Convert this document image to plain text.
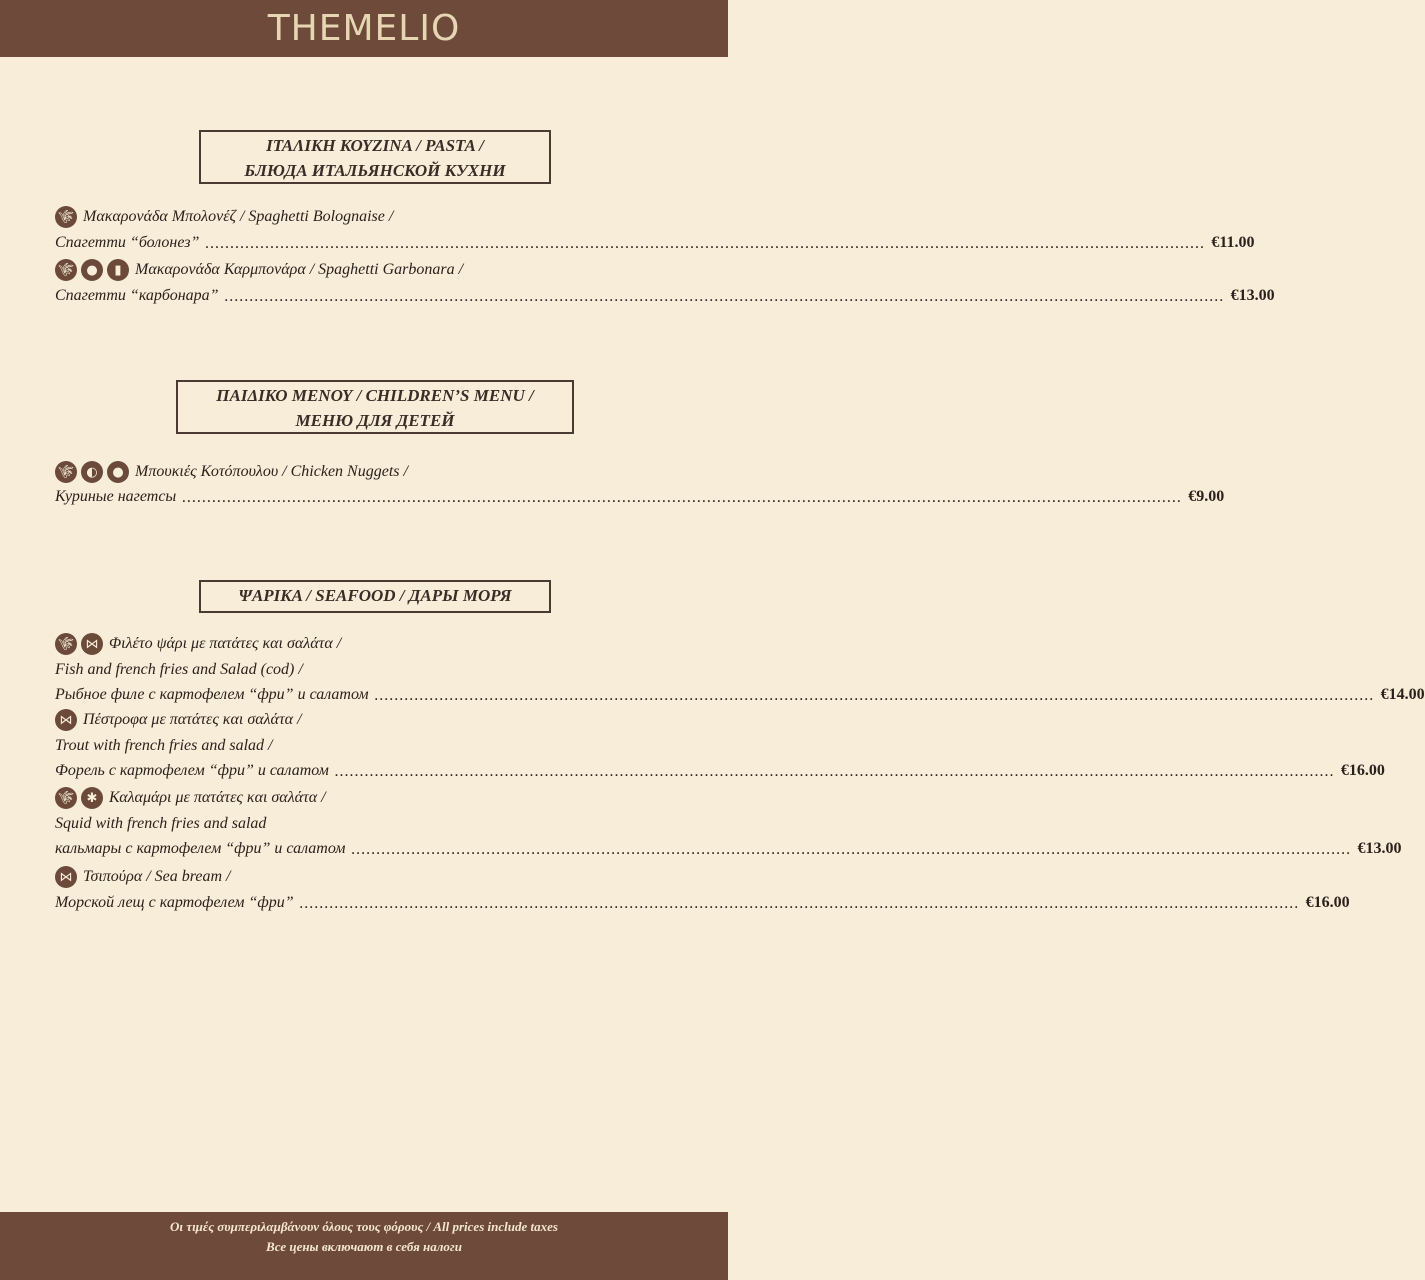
THEMELIO
ΙΤΑΛΙΚΗ ΚΟΥΖΙΝΑ / PASTA /
БЛЮДА ИТАЛЬЯНСКОЙ КУХНИ
🌾︎ Μακαρονάδα Μπολονέζ / Spaghetti Bolognaise /
Спагетти “болонез” ........................................................................................................................................................................................................ €11.00
🌾︎ ●	▮ Μακαρονάδα Καρμπονάρα / Spaghetti Garbonara /
Спагетти “карбонара” ........................................................................................................................................................................................................ €13.00
ΠΑΙΔΙΚΟ ΜΕΝΟΥ / CHILDREN’S MENU /
МЕНЮ ДЛЯ ДЕТЕЙ
🌾︎ ◐	● Μπουκιές Κοτόπουλου / Chicken Nuggets /
Куриные нагетсы ........................................................................................................................................................................................................ €9.00
ΨΑΡΙΚΑ / SEAFOOD / ДАРЫ МОРЯ
🌾︎ ⋈ Φιλέτο ψάρι με πατάτες και σαλάτα /
Fish and french fries and Salad (cod) /
Рыбное филе с картофелем “фри” и салатом ........................................................................................................................................................................................................ €14.00
⋈ Πέστροφα με πατάτες και σαλάτα /
Trout with french fries and salad /
Форель с картофелем “фри” и салатом ........................................................................................................................................................................................................ €16.00
🌾︎ ✱ Καλαμάρι με πατάτες και σαλάτα /
Squid with french fries and salad
кальмары с картофелем “фри” и салатом ........................................................................................................................................................................................................ €13.00
⋈ Τσιπούρα / Sea bream /
Морской лещ с картофелем “фри” ........................................................................................................................................................................................................ €16.00
Οι τιμές συμπεριλαμβάνουν όλους τους φόρους / All prices include taxes
Все цены включают в себя налоги
